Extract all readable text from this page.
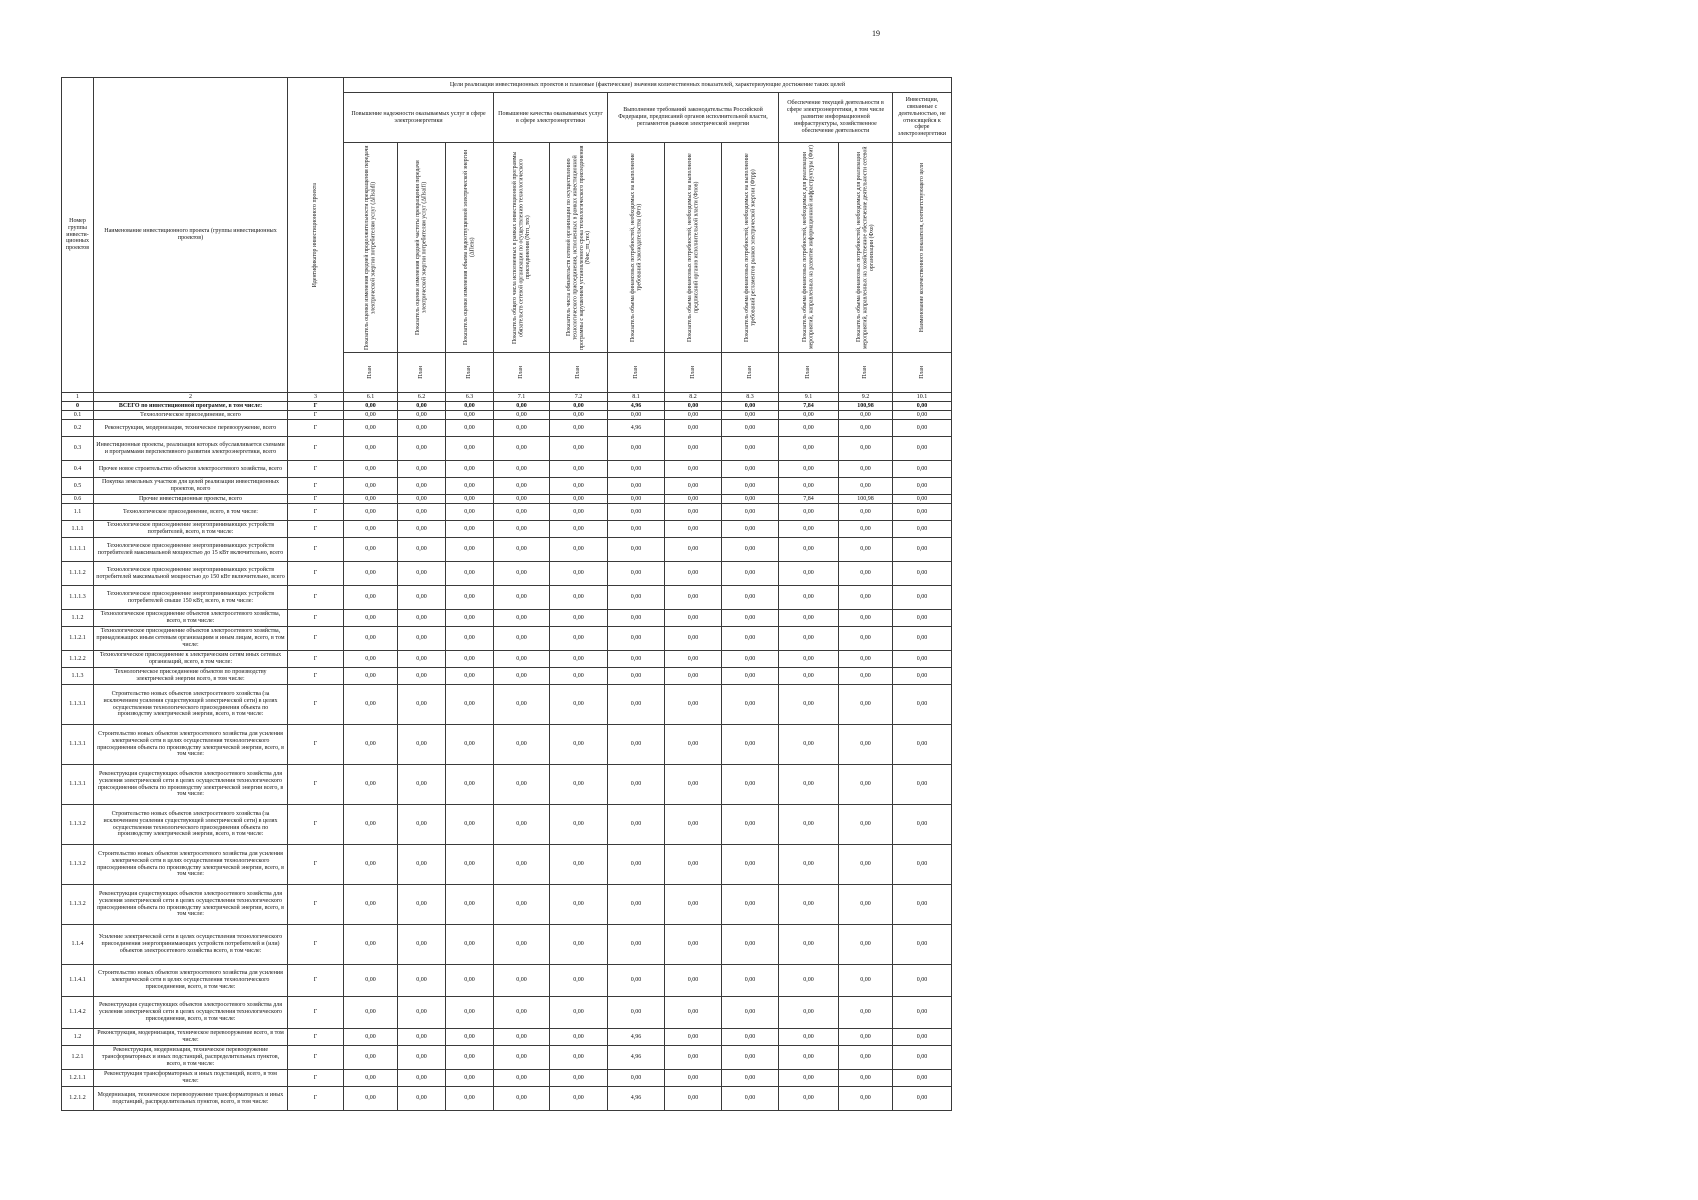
19
Номер группы инвести-ционных проектов	Наименование инвестиционного проекта (группы инвестиционных проектов)	Идентификатор инвестиционного проекта	Цели реализации инвестиционных проектов и плановые (фактические) значения количественных показателей, характеризующие достижение таких целей										
			Повышение надежности оказываемых услуг в сфере электроэнергетики			Повышение качества оказываемых услуг в сфере электроэнергетики		Выполнение требований законодательства Российской Федерации, предписаний органов исполнительной власти, регламентов рынков электрической энергии			Обеспечение текущей деятельности в сфере электроэнергетики, в том числе развитие информационной инфраструктуры, хозяйственное обеспечение деятельности		Инвестиции, связанные с деятельностью, не относящейся к сфере электроэнергетики

			Показатель оценки изменения средней продолжительности прекращения передачи электрической энергии потребителям услуг (ΔПsaidi)	Показатель оценки изменения средней частоты прекращения передачи электрической энергии потребителям услуг (ΔПsaifi)	Показатель оценки изменения объема недоотпущенной электрической энергии (ΔПens)	Показатель общего числа исполненных в рамках инвестиционной программы обязательств сетевой организации по осуществлению технологического присоединения (Nтп_тех)	Показатель числа обязательств сетевой организации по осуществлению технологического присоединения, исполненных в рамках инвестиционной программы с нарушением установленного срока технологического присоединения (Nнс_тп_тех)	Показатель объема финансовых потребностей, необходимых на выполнение требований законодательства (Фтз)	Показатель объема финансовых потребностей, необходимых на выполнение предписаний органов исполнительной власти (Фпов)	Показатель объема финансовых потребностей, необходимых на выполнение требований регламентов рынков электрической энергии (Фтрр)	Показатель объема финансовых потребностей, необходимых для реализации мероприятий, направленных на развитие информационной инфраструктуры (Фит)	Показатель объема финансовых потребностей, необходимых для реализации мероприятий, направленных на хозяйственное обеспечение деятельности сетевой организации (Фхо)	Наименование количественного показателя, соответствующего цели

			План	План	План	План	План	План	План	План	План	План	План

1	2	3	6.1	6.2	6.3	7.1	7.2	8.1	8.2	8.3	9.1	9.2	10.1
0	ВСЕГО по инвестиционной программе, в том числе:	Г	0,00	0,00	0,00	0,00	0,00	4,96	0,00	0,00	7,84	100,98	0,00
0.1	Технологическое присоединение, всего	Г	0,00	0,00	0,00	0,00	0,00	0,00	0,00	0,00	0,00	0,00	0,00
0.2	Реконструкция, модернизация, техническое перевооружение, всего	Г	0,00	0,00	0,00	0,00	0,00	4,96	0,00	0,00	0,00	0,00	0,00
0.3	Инвестиционные проекты, реализация которых обуславливается схемами и программами перспективного развития электроэнергетики, всего	Г	0,00	0,00	0,00	0,00	0,00	0,00	0,00	0,00	0,00	0,00	0,00
0.4	Прочее новое строительство объектов электросетевого хозяйства, всего	Г	0,00	0,00	0,00	0,00	0,00	0,00	0,00	0,00	0,00	0,00	0,00
0.5	Покупка земельных участков для целей реализации инвестиционных проектов, всего	Г	0,00	0,00	0,00	0,00	0,00	0,00	0,00	0,00	0,00	0,00	0,00
0.6	Прочие инвестиционные проекты, всего	Г	0,00	0,00	0,00	0,00	0,00	0,00	0,00	0,00	7,84	100,98	0,00
1.1	Технологическое присоединение, всего, в том числе:	Г	0,00	0,00	0,00	0,00	0,00	0,00	0,00	0,00	0,00	0,00	0,00
1.1.1	Технологическое присоединение энергопринимающих устройств потребителей, всего, в том числе:	Г	0,00	0,00	0,00	0,00	0,00	0,00	0,00	0,00	0,00	0,00	0,00
1.1.1.1	Технологическое присоединение энергопринимающих устройств потребителей максимальной мощностью до 15 кВт включительно, всего	Г	0,00	0,00	0,00	0,00	0,00	0,00	0,00	0,00	0,00	0,00	0,00
1.1.1.2	Технологическое присоединение энергопринимающих устройств потребителей максимальной мощностью до 150 кВт включительно, всего	Г	0,00	0,00	0,00	0,00	0,00	0,00	0,00	0,00	0,00	0,00	0,00
1.1.1.3	Технологическое присоединение энергопринимающих устройств потребителей свыше 150 кВт, всего, в том числе:	Г	0,00	0,00	0,00	0,00	0,00	0,00	0,00	0,00	0,00	0,00	0,00
1.1.2	Технологическое присоединение объектов электросетевого хозяйства, всего, в том числе:	Г	0,00	0,00	0,00	0,00	0,00	0,00	0,00	0,00	0,00	0,00	0,00
1.1.2.1	Технологическое присоединение объектов электросетевого хозяйства, принадлежащих иным сетевым организациям и иным лицам, всего, в том числе:	Г	0,00	0,00	0,00	0,00	0,00	0,00	0,00	0,00	0,00	0,00	0,00
1.1.2.2	Технологическое присоединение к электрическим сетям иных сетевых организаций, всего, в том числе:	Г	0,00	0,00	0,00	0,00	0,00	0,00	0,00	0,00	0,00	0,00	0,00
1.1.3	Технологическое присоединение объектов по производству электрической энергии всего, в том числе:	Г	0,00	0,00	0,00	0,00	0,00	0,00	0,00	0,00	0,00	0,00	0,00
1.1.3.1	Строительство новых объектов электросетевого хозяйства (за исключением усиления существующей электрической сети) в целях осуществления технологического присоединения объекта по производству электрической энергии, всего, в том числе:	Г	0,00	0,00	0,00	0,00	0,00	0,00	0,00	0,00	0,00	0,00	0,00
1.1.3.1	Строительство новых объектов электросетевого хозяйства для усиления электрической сети в целях осуществления технологического присоединения объекта по производству электрической энергии, всего, в том числе:	Г	0,00	0,00	0,00	0,00	0,00	0,00	0,00	0,00	0,00	0,00	0,00
1.1.3.1	Реконструкция существующих объектов электросетевого хозяйства для усиления электрической сети в целях осуществления технологического присоединения объекта по производству электрической энергии всего, в том числе:	Г	0,00	0,00	0,00	0,00	0,00	0,00	0,00	0,00	0,00	0,00	0,00
1.1.3.2	Строительство новых объектов электросетевого хозяйства (за исключением усиления существующей электрической сети) в целях осуществления технологического присоединения объекта по производству электрической энергии, всего, в том числе:	Г	0,00	0,00	0,00	0,00	0,00	0,00	0,00	0,00	0,00	0,00	0,00
1.1.3.2	Строительство новых объектов электросетевого хозяйства для усиления электрической сети в целях осуществления технологического присоединения объекта по производству электрической энергии, всего, в том числе:	Г	0,00	0,00	0,00	0,00	0,00	0,00	0,00	0,00	0,00	0,00	0,00
1.1.3.2	Реконструкция существующих объектов электросетевого хозяйства для усиления электрической сети в целях осуществления технологического присоединения объекта по производству электрической энергии, всего, в том числе:	Г	0,00	0,00	0,00	0,00	0,00	0,00	0,00	0,00	0,00	0,00	0,00
1.1.4	Усиление электрической сети в целях осуществления технологического присоединения энергопринимающих устройств потребителей и (или) объектов электросетевого хозяйства всего, в том числе:	Г	0,00	0,00	0,00	0,00	0,00	0,00	0,00	0,00	0,00	0,00	0,00
1.1.4.1	Строительство новых объектов электросетевого хозяйства для усиления электрической сети в целях осуществления технологического присоединения, всего, в том числе:	Г	0,00	0,00	0,00	0,00	0,00	0,00	0,00	0,00	0,00	0,00	0,00
1.1.4.2	Реконструкция существующих объектов электросетевого хозяйства для усиления электрической сети в целях осуществления технологического присоединения, всего, в том числе:	Г	0,00	0,00	0,00	0,00	0,00	0,00	0,00	0,00	0,00	0,00	0,00
1.2	Реконструкция, модернизация, техническое перевооружение всего, в том числе:	Г	0,00	0,00	0,00	0,00	0,00	4,96	0,00	0,00	0,00	0,00	0,00
1.2.1	Реконструкция, модернизация, техническое перевооружение трансформаторных и иных подстанций, распределительных пунктов, всего, в том числе:	Г	0,00	0,00	0,00	0,00	0,00	4,96	0,00	0,00	0,00	0,00	0,00
1.2.1.1	Реконструкция трансформаторных и иных подстанций, всего, в том числе:	Г	0,00	0,00	0,00	0,00	0,00	0,00	0,00	0,00	0,00	0,00	0,00
1.2.1.2	Модернизация, техническое перевооружение трансформаторных и иных подстанций, распределительных пунктов, всего, в том числе:	Г	0,00	0,00	0,00	0,00	0,00	4,96	0,00	0,00	0,00	0,00	0,00
